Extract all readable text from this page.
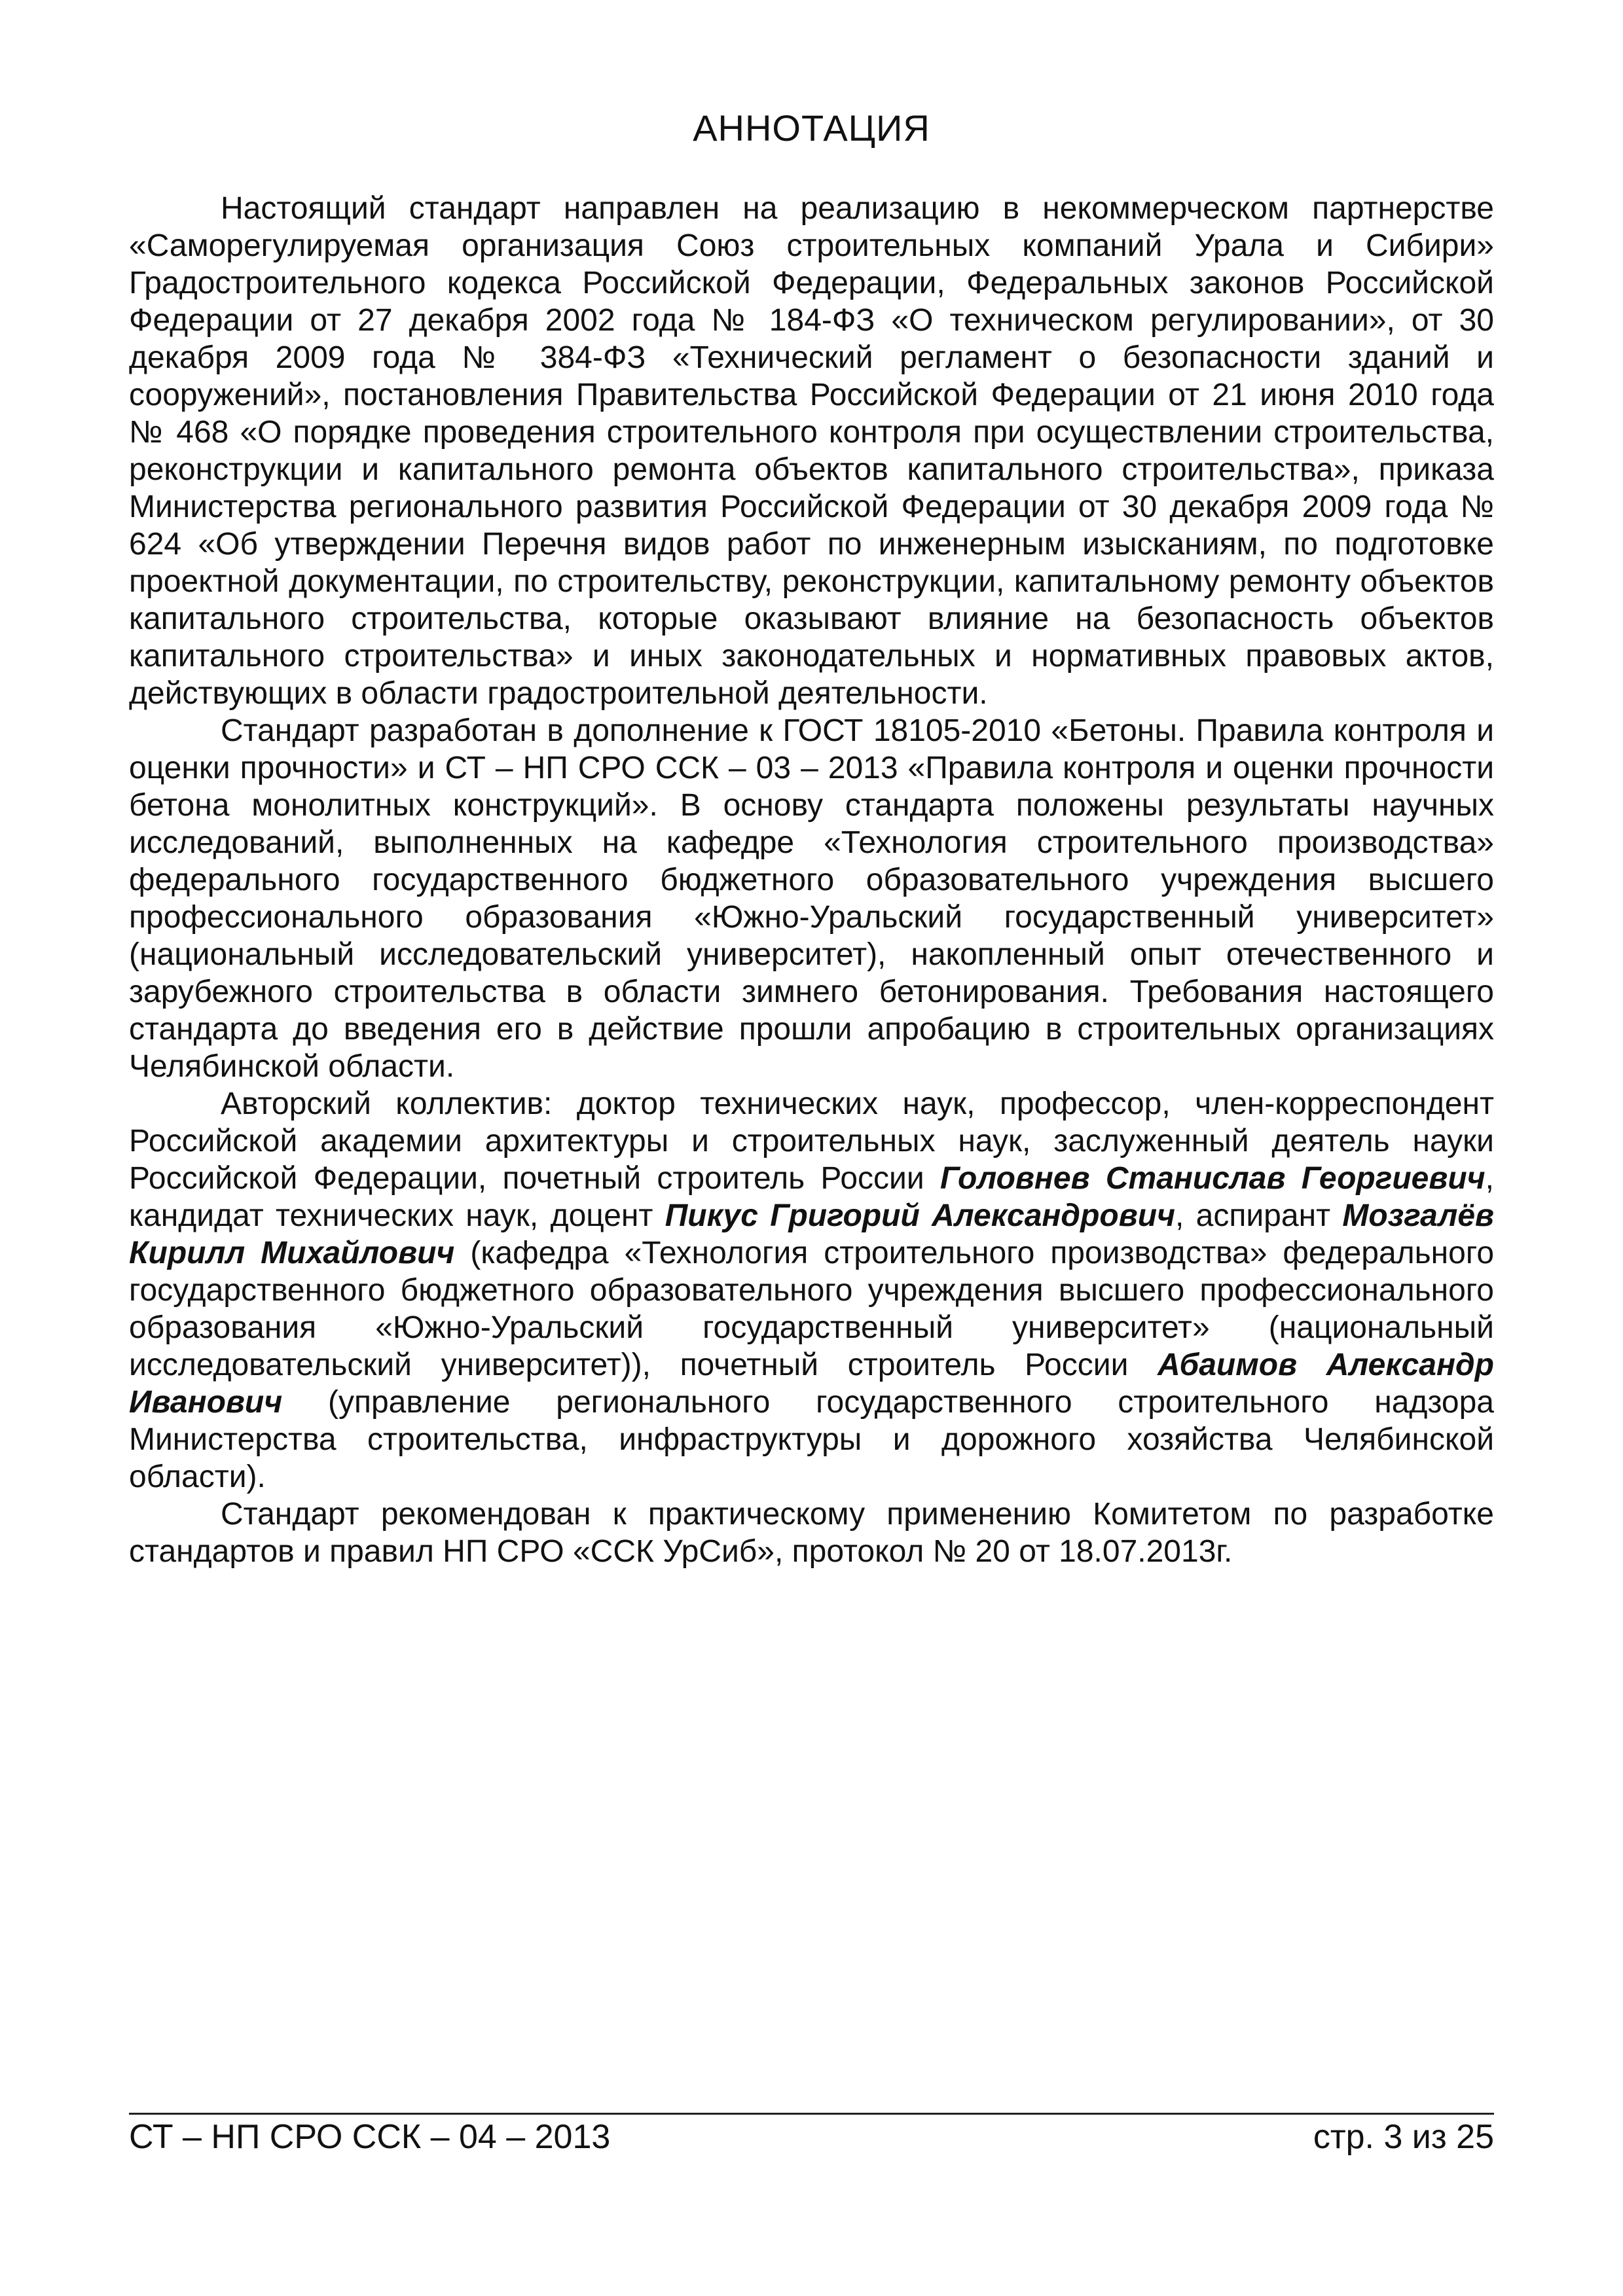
АННОТАЦИЯ

Настоящий стандарт направлен на реализацию в некоммерческом партнерстве «Саморегулируемая организация Союз строительных компаний Урала и Сибири» Градостроительного кодекса Российской Федерации, Федеральных законов Российской Федерации от 27 декабря 2002 года № 184-ФЗ «О техническом регулировании», от 30 декабря 2009 года № 384-ФЗ «Технический регламент о безопасности зданий и сооружений», постановления Правительства Российской Федерации от 21 июня 2010 года № 468 «О порядке проведения строительного контроля при осуществлении строительства, реконструкции и капитального ремонта объектов капитального строительства», приказа Министерства регионального развития Российской Федерации от 30 декабря 2009 года № 624 «Об утверждении Перечня видов работ по инженерным изысканиям, по подготовке проектной документации, по строительству, реконструкции, капитальному ремонту объектов капитального строительства, которые оказывают влияние на безопасность объектов капитального строительства» и иных законодательных и нормативных правовых актов, действующих в области градостроительной деятельности.

Стандарт разработан в дополнение к ГОСТ 18105-2010 «Бетоны. Правила контроля и оценки прочности» и СТ – НП СРО ССК – 03 – 2013 «Правила контроля и оценки прочности бетона монолитных конструкций». В основу стандарта положены результаты научных исследований, выполненных на кафедре «Технология строительного производства» федерального государственного бюджетного образовательного учреждения высшего профессионального образования «Южно-Уральский государственный университет» (национальный исследовательский университет), накопленный опыт отечественного и зарубежного строительства в области зимнего бетонирования. Требования настоящего стандарта до введения его в действие прошли апробацию в строительных организациях Челябинской области.

Авторский коллектив: доктор технических наук, профессор, член-корреспондент Российской академии архитектуры и строительных наук, заслуженный деятель науки Российской Федерации, почетный строитель России Головнев Станислав Георгиевич, кандидат технических наук, доцент Пикус Григорий Александрович, аспирант Мозгалёв Кирилл Михайлович (кафедра «Технология строительного производства» федерального государственного бюджетного образовательного учреждения высшего профессионального образования «Южно-Уральский государственный университет» (национальный исследовательский университет)), почетный строитель России Абаимов Александр Иванович (управление регионального государственного строительного надзора Министерства строительства, инфраструктуры и дорожного хозяйства Челябинской области).

Стандарт рекомендован к практическому применению Комитетом по разработке стандартов и правил НП СРО «ССК УрСиб», протокол № 20 от 18.07.2013г.

СТ – НП СРО ССК – 04 – 2013	стр. 3 из 25
